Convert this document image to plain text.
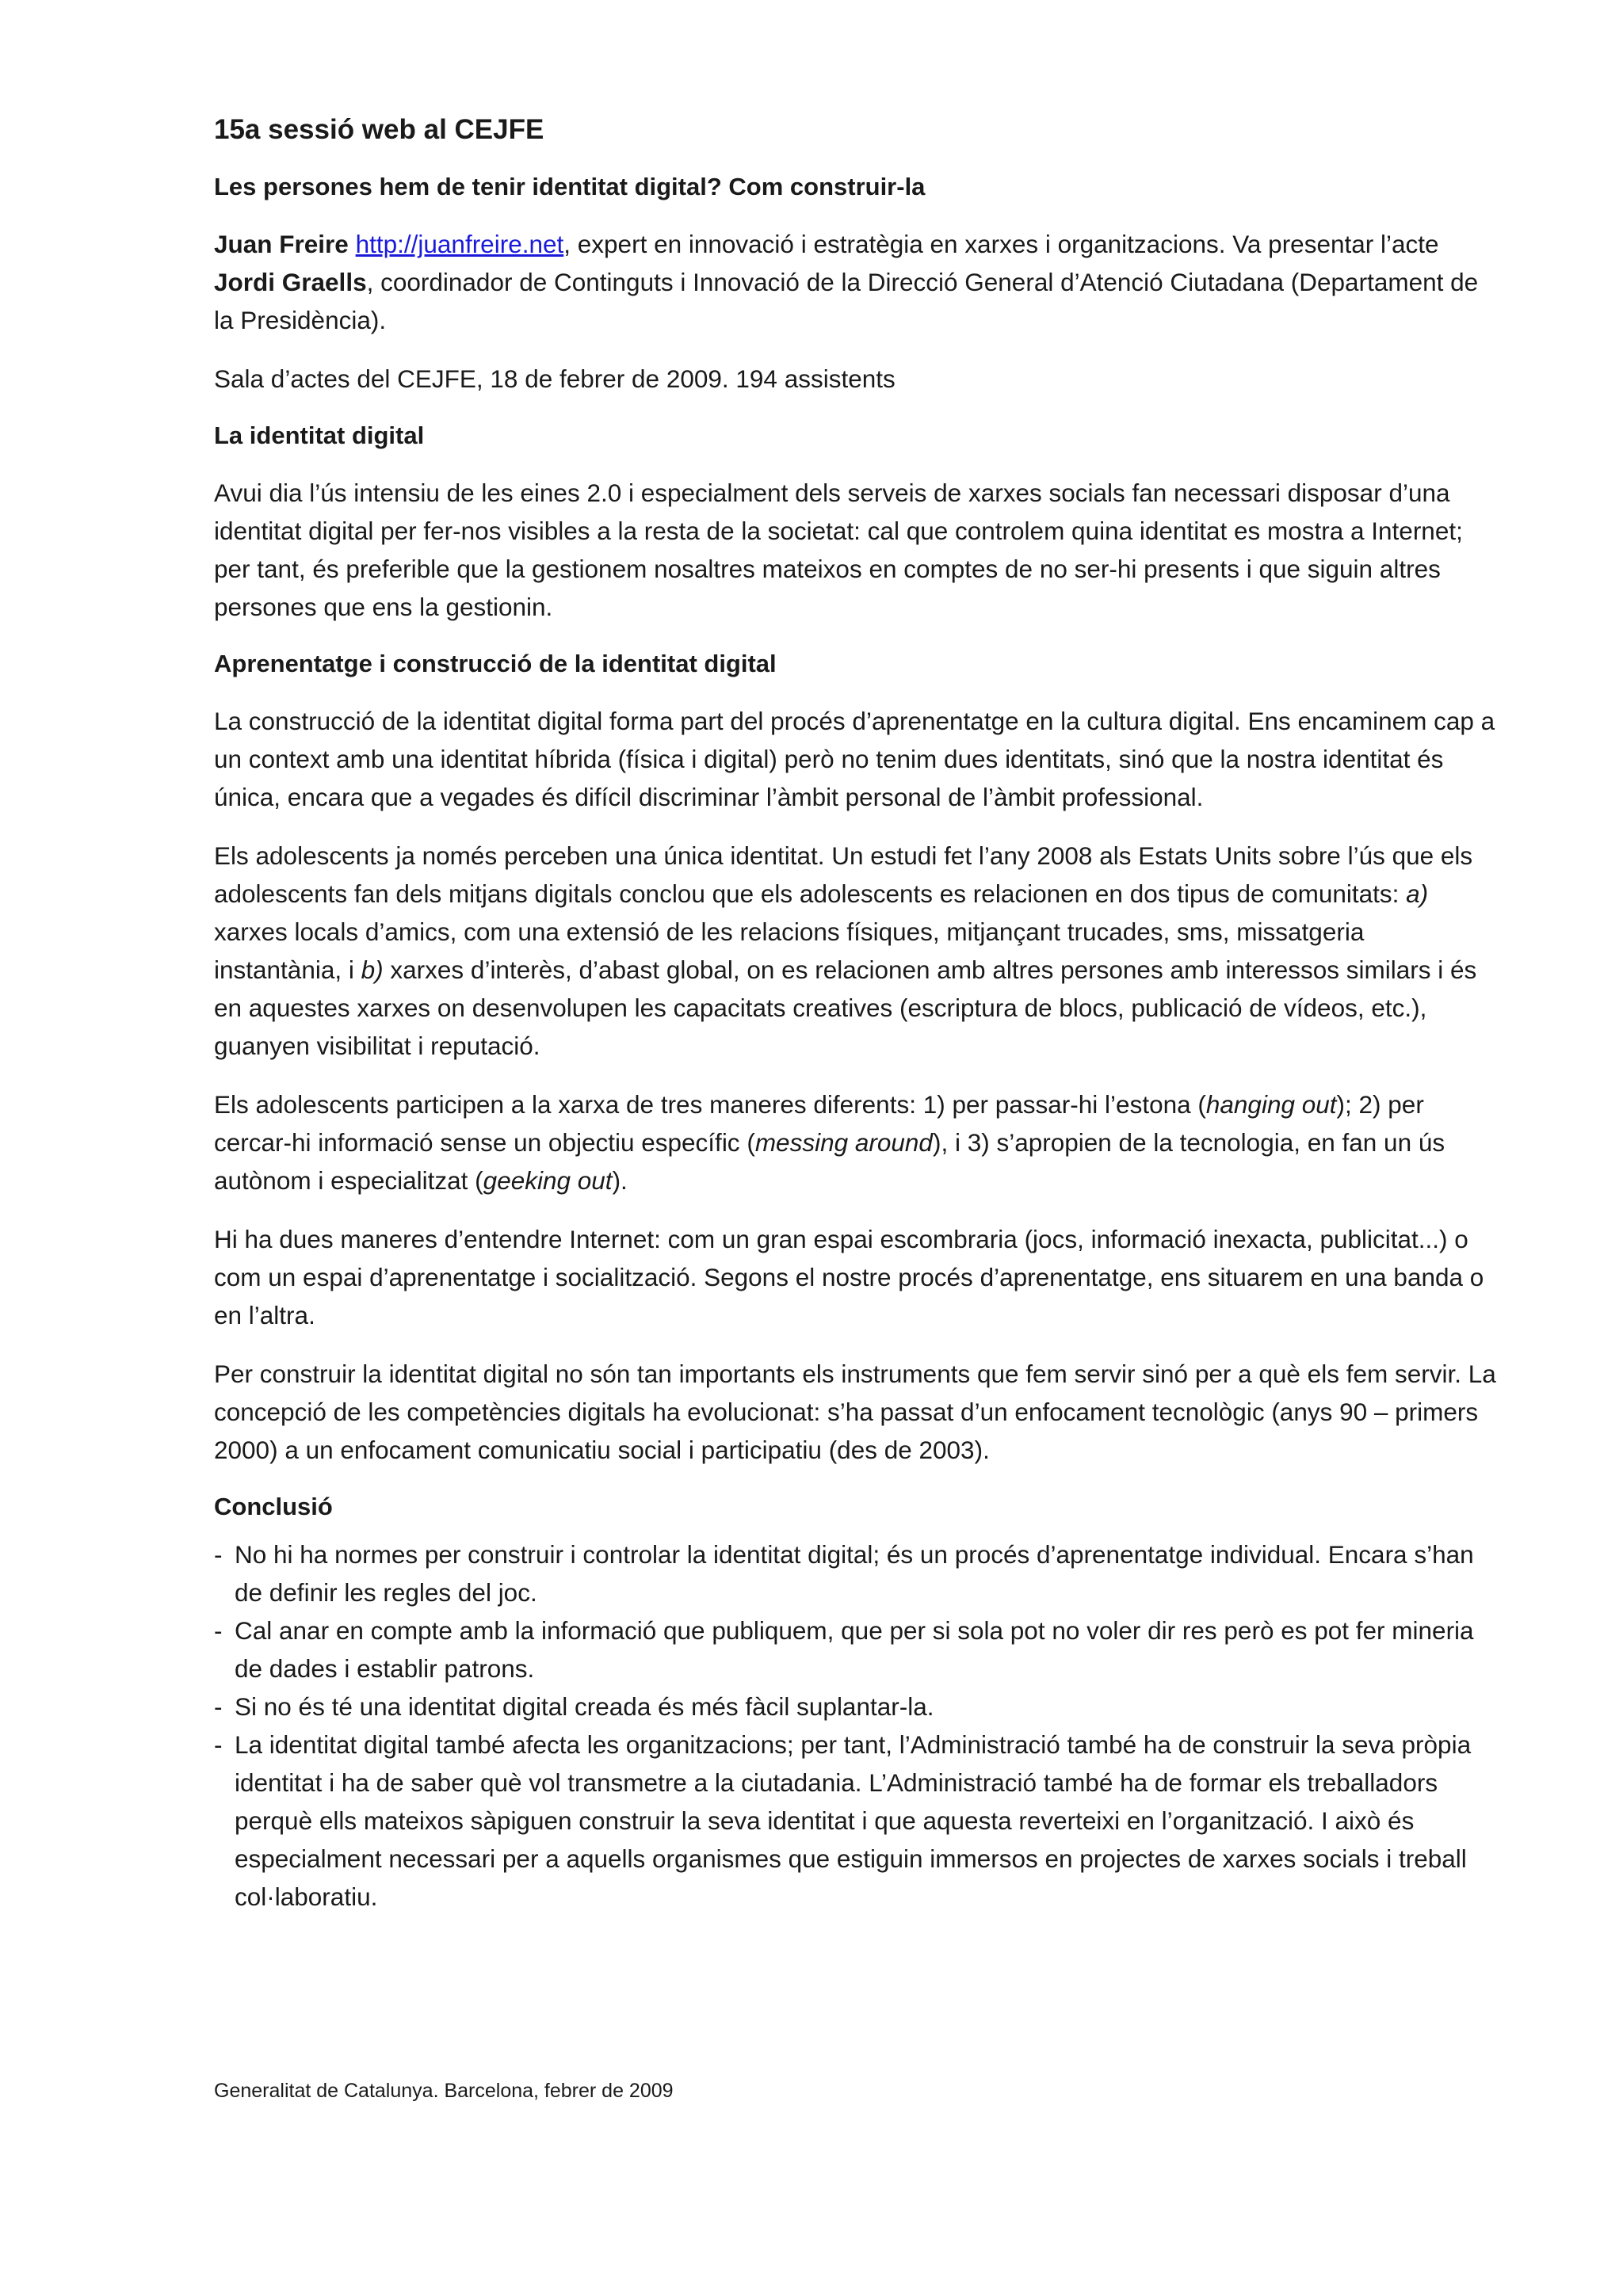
15a sessió web al CEJFE
Les persones hem de tenir identitat digital? Com construir-la

Juan Freire http://juanfreire.net, expert en innovació i estratègia en xarxes i organitzacions. Va presentar l’acte Jordi Graells, coordinador de Continguts i Innovació de la Direcció General d’Atenció Ciutadana (Departament de la Presidència).

Sala d’actes del CEJFE, 18 de febrer de 2009. 194 assistents

La identitat digital

Avui dia l’ús intensiu de les eines 2.0 i especialment dels serveis de xarxes socials fan necessari disposar d’una identitat digital per fer-nos visibles a la resta de la societat: cal que controlem quina identitat es mostra a Internet; per tant, és preferible que la gestionem nosaltres mateixos en comptes de no ser-hi presents i que siguin altres persones que ens la gestionin.

Aprenentatge i construcció de la identitat digital

La construcció de la identitat digital forma part del procés d’aprenentatge en la cultura digital. Ens encaminem cap a un context amb una identitat híbrida (física i digital) però no tenim dues identitats, sinó que la nostra identitat és única, encara que a vegades és difícil discriminar l’àmbit personal de l’àmbit professional.

Els adolescents ja només perceben una única identitat. Un estudi fet l’any 2008 als Estats Units sobre l’ús que els adolescents fan dels mitjans digitals conclou que els adolescents es relacionen en dos tipus de comunitats: a) xarxes locals d’amics, com una extensió de les relacions físiques, mitjançant trucades, sms, missatgeria instantània, i b) xarxes d’interès, d’abast global, on es relacionen amb altres persones amb interessos similars i és en aquestes xarxes on desenvolupen les capacitats creatives (escriptura de blocs, publicació de vídeos, etc.), guanyen visibilitat i reputació.

Els adolescents participen a la xarxa de tres maneres diferents: 1) per passar-hi l’estona (hanging out); 2) per cercar-hi informació sense un objectiu específic (messing around), i 3) s’apropien de la tecnologia, en fan un ús autònom i especialitzat (geeking out).

Hi ha dues maneres d’entendre Internet: com un gran espai escombraria (jocs, informació inexacta, publicitat...) o com un espai d’aprenentatge i socialització. Segons el nostre procés d’aprenentatge, ens situarem en una banda o en l’altra.

Per construir la identitat digital no són tan importants els instruments que fem servir sinó per a què els fem servir. La concepció de les competències digitals ha evolucionat: s’ha passat d’un enfocament tecnològic (anys 90 – primers 2000) a un enfocament comunicatiu social i participatiu (des de 2003).

Conclusió
- No hi ha normes per construir i controlar la identitat digital; és un procés d’aprenentatge individual. Encara s’han de definir les regles del joc.
- Cal anar en compte amb la informació que publiquem, que per si sola pot no voler dir res però es pot fer mineria de dades i establir patrons.
- Si no és té una identitat digital creada és més fàcil suplantar-la.
- La identitat digital també afecta les organitzacions; per tant, l’Administració també ha de construir la seva pròpia identitat i ha de saber què vol transmetre a la ciutadania. L’Administració també ha de formar els treballadors perquè ells mateixos sàpiguen construir la seva identitat i que aquesta reverteixi en l’organització. I això és especialment necessari per a aquells organismes que estiguin immersos en projectes de xarxes socials i treball col·laboratiu.
Generalitat de Catalunya. Barcelona, febrer de 2009
